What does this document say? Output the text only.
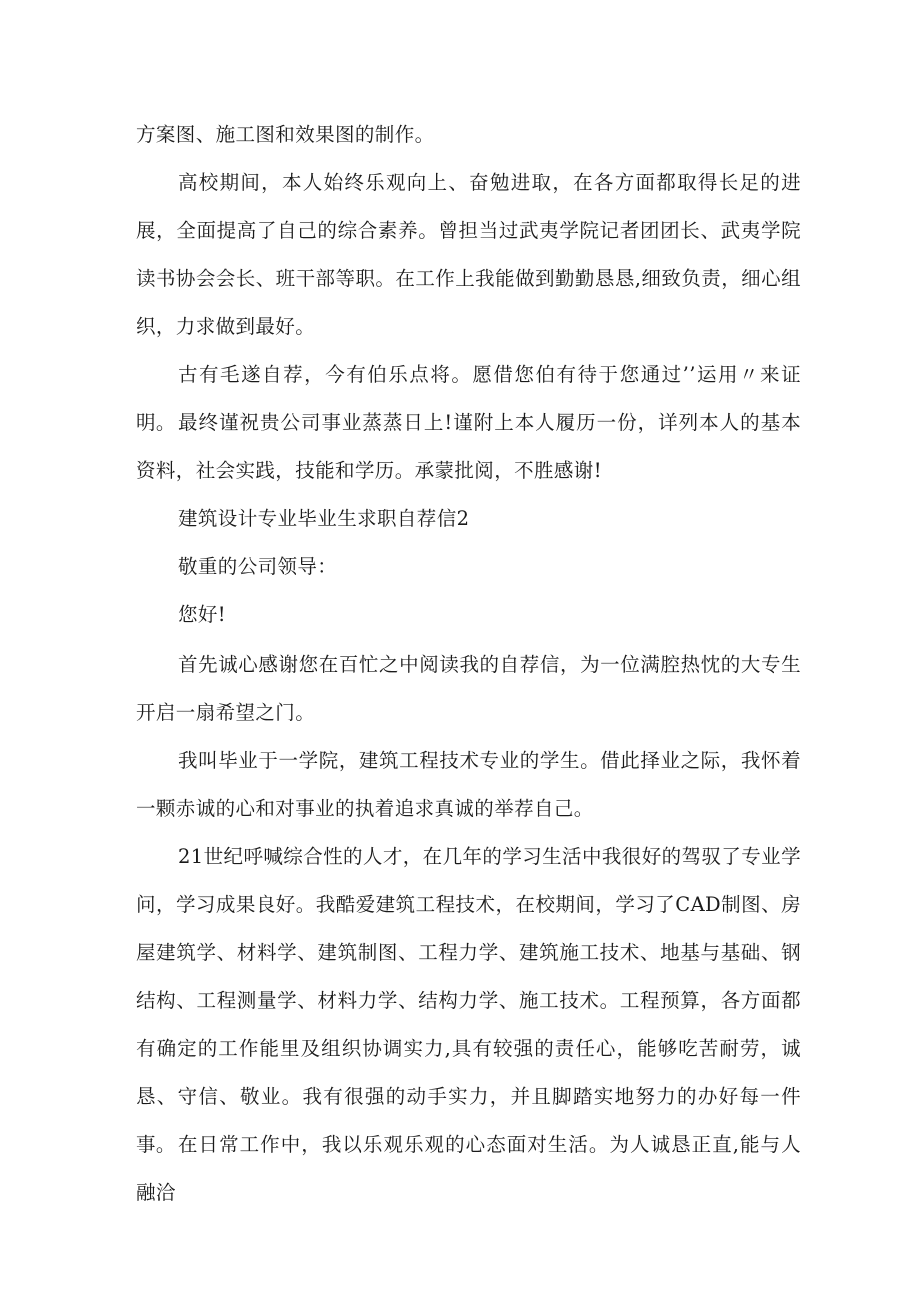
方案图、施工图和效果图的制作。

高校期间，本人始终乐观向上、奋勉进取，在各方面都取得长足的进展，全面提高了自己的综合素养。曾担当过武夷学院记者团团长、武夷学院读书协会会长、班干部等职。在工作上我能做到勤勤恳恳,细致负责，细心组织，力求做到最好。

古有毛遂自荐，今有伯乐点将。愿借您伯有待于您通过’’运用〃来证明。 最终谨祝贵公司事业蒸蒸日上!谨附上本人履历一份，详列本人的基本资料，社会实践，技能和学历。承蒙批阅，不胜感谢!

建筑设计专业毕业生求职自荐信2

敬重的公司领导：

您好!

首先诚心感谢您在百忙之中阅读我的自荐信，为一位满腔热忱的大专生开启一扇希望之门。

我叫毕业于一学院，建筑工程技术专业的学生。借此择业之际，我怀着一颗赤诚的心和对事业的执着追求真诚的举荐自己。

21世纪呼喊综合性的人才，在几年的学习生活中我很好的驾驭了专业学问，学习成果良好。我酷爱建筑工程技术，在校期间，学习了CAD制图、房屋建筑学、材料学、建筑制图、工程力学、建筑施工技术、地基与基础、钢结构、工程测量学、材料力学、结构力学、施工技术。工程预算，各方面都有确定的工作能里及组织协调实力,具有较强的责任心，能够吃苦耐劳，诚恳、守信、敬业。我有很强的动手实力，并且脚踏实地努力的办好每一件事。 在日常工作中，我以乐观乐观的心态面对生活。为人诚恳正直,能与人融洽
